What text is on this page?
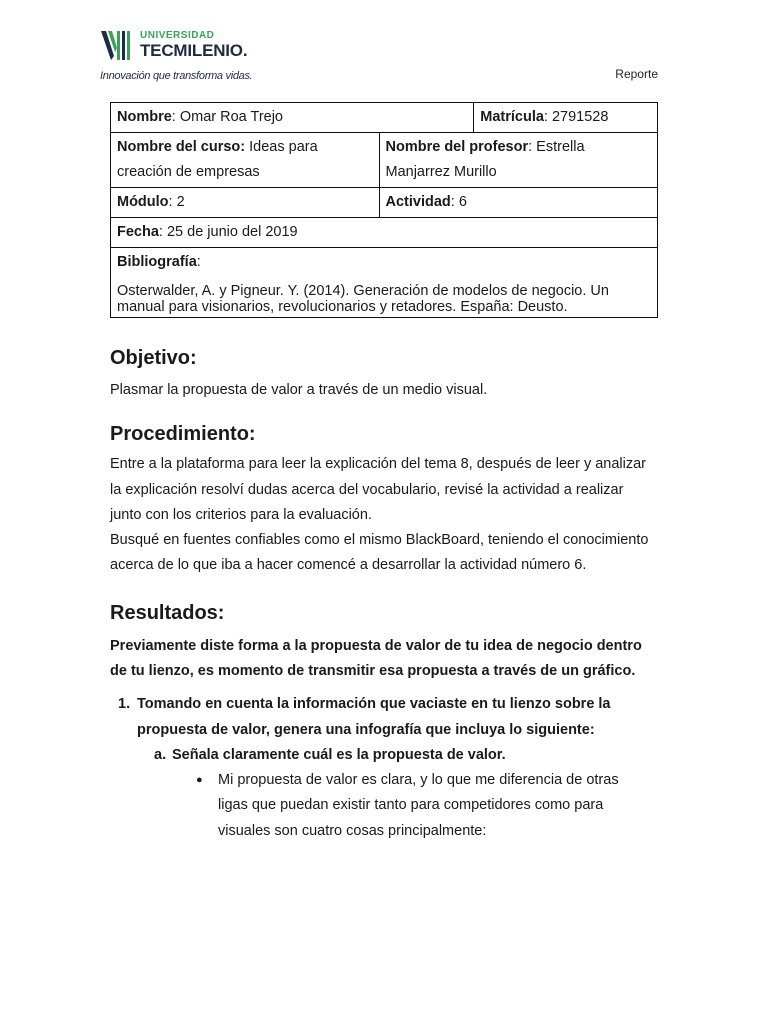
UNIVERSIDAD
TECMILENIO.
Innovación que transforma vidas.	Reporte
Nombre: Omar Roa Trejo		Matrícula: 2791528
Nombre del curso: Ideas para creación de empresas	Nombre del profesor: Estrella Manjarrez Murillo	
Módulo: 2	Actividad: 6	
Fecha: 25 de junio del 2019		
Bibliografía:
Osterwalder, A. y Pigneur. Y. (2014). Generación de modelos de negocio. Un manual para visionarios, revolucionarios y retadores. España: Deusto.		
Objetivo:

Plasmar la propuesta de valor a través de un medio visual.

Procedimiento:

Entre a la plataforma para leer la explicación del tema 8, después de leer y analizar la explicación resolví dudas acerca del vocabulario, revisé la actividad a realizar junto con los criterios para la evaluación.

Busqué en fuentes confiables como el mismo BlackBoard, teniendo el conocimiento acerca de lo que iba a hacer comencé a desarrollar la actividad número 6.

Resultados:

Previamente diste forma a la propuesta de valor de tu idea de negocio dentro de tu lienzo, es momento de transmitir esa propuesta a través de un gráfico.

1. Tomando en cuenta la información que vaciaste en tu lienzo sobre la propuesta de valor, genera una infografía que incluya lo siguiente:
a. Señala claramente cuál es la propuesta de valor.
●	Mi propuesta de valor es clara, y lo que me diferencia de otras ligas que puedan existir tanto para competidores como para visuales son cuatro cosas principalmente:
